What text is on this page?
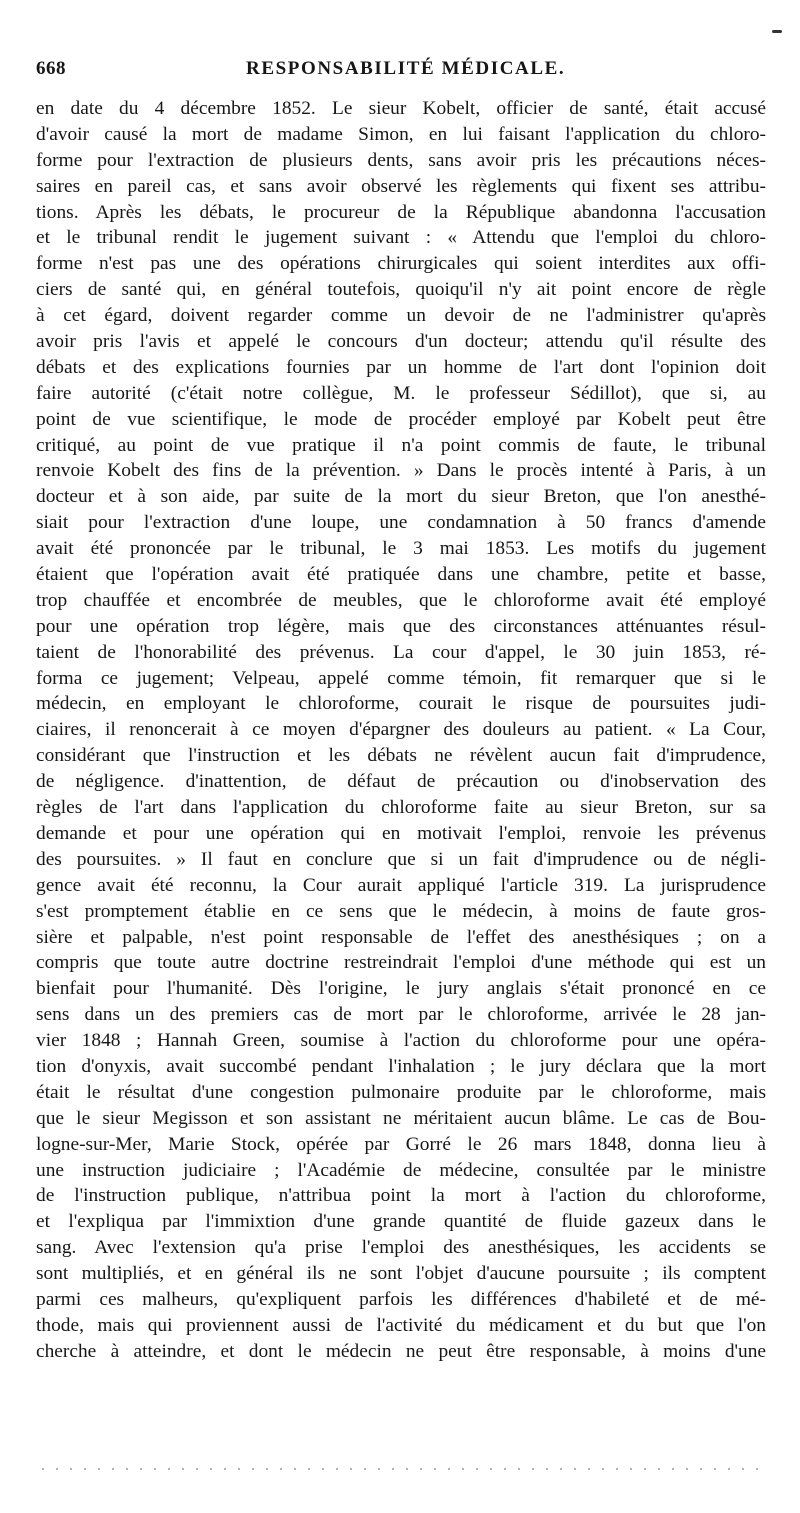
668	RESPONSABILITÉ MÉDICALE.
en date du 4 décembre 1852. Le sieur Kobelt, officier de santé, était accusé
d'avoir causé la mort de madame Simon, en lui faisant l'application du chloro-
forme pour l'extraction de plusieurs dents, sans avoir pris les précautions néces-
saires en pareil cas, et sans avoir observé les règlements qui fixent ses attribu-
tions. Après les débats, le procureur de la République abandonna l'accusation
et le tribunal rendit le jugement suivant : « Attendu que l'emploi du chloro-
forme n'est pas une des opérations chirurgicales qui soient interdites aux offi-
ciers de santé qui, en général toutefois, quoiqu'il n'y ait point encore de règle
à cet égard, doivent regarder comme un devoir de ne l'administrer qu'après
avoir pris l'avis et appelé le concours d'un docteur; attendu qu'il résulte des
débats et des explications fournies par un homme de l'art dont l'opinion doit
faire autorité (c'était notre collègue, M. le professeur Sédillot), que si, au
point de vue scientifique, le mode de procéder employé par Kobelt peut être
critiqué, au point de vue pratique il n'a point commis de faute, le tribunal
renvoie Kobelt des fins de la prévention. » Dans le procès intenté à Paris, à un
docteur et à son aide, par suite de la mort du sieur Breton, que l'on anesthé-
siait pour l'extraction d'une loupe, une condamnation à 50 francs d'amende
avait été prononcée par le tribunal, le 3 mai 1853. Les motifs du jugement
étaient que l'opération avait été pratiquée dans une chambre, petite et basse,
trop chauffée et encombrée de meubles, que le chloroforme avait été employé
pour une opération trop légère, mais que des circonstances atténuantes résul-
taient de l'honorabilité des prévenus. La cour d'appel, le 30 juin 1853, ré-
forma ce jugement; Velpeau, appelé comme témoin, fit remarquer que si le
médecin, en employant le chloroforme, courait le risque de poursuites judi-
ciaires, il renoncerait à ce moyen d'épargner des douleurs au patient. « La Cour,
considérant que l'instruction et les débats ne révèlent aucun fait d'imprudence,
de négligence. d'inattention, de défaut de précaution ou d'inobservation des
règles de l'art dans l'application du chloroforme faite au sieur Breton, sur sa
demande et pour une opération qui en motivait l'emploi, renvoie les prévenus
des poursuites. » Il faut en conclure que si un fait d'imprudence ou de négli-
gence avait été reconnu, la Cour aurait appliqué l'article 319. La jurisprudence
s'est promptement établie en ce sens que le médecin, à moins de faute gros-
sière et palpable, n'est point responsable de l'effet des anesthésiques ; on a
compris que toute autre doctrine restreindrait l'emploi d'une méthode qui est un
bienfait pour l'humanité. Dès l'origine, le jury anglais s'était prononcé en ce
sens dans un des premiers cas de mort par le chloroforme, arrivée le 28 jan-
vier 1848 ; Hannah Green, soumise à l'action du chloroforme pour une opéra-
tion d'onyxis, avait succombé pendant l'inhalation ; le jury déclara que la mort
était le résultat d'une congestion pulmonaire produite par le chloroforme, mais
que le sieur Megisson et son assistant ne méritaient aucun blâme. Le cas de Bou-
logne-sur-Mer, Marie Stock, opérée par Gorré le 26 mars 1848, donna lieu à
une instruction judiciaire ; l'Académie de médecine, consultée par le ministre
de l'instruction publique, n'attribua point la mort à l'action du chloroforme,
et l'expliqua par l'immixtion d'une grande quantité de fluide gazeux dans le
sang. Avec l'extension qu'a prise l'emploi des anesthésiques, les accidents se
sont multipliés, et en général ils ne sont l'objet d'aucune poursuite ; ils comptent
parmi ces malheurs, qu'expliquent parfois les différences d'habileté et de mé-
thode, mais qui proviennent aussi de l'activité du médicament et du but que l'on
cherche à atteindre, et dont le médecin ne peut être responsable, à moins d'une
